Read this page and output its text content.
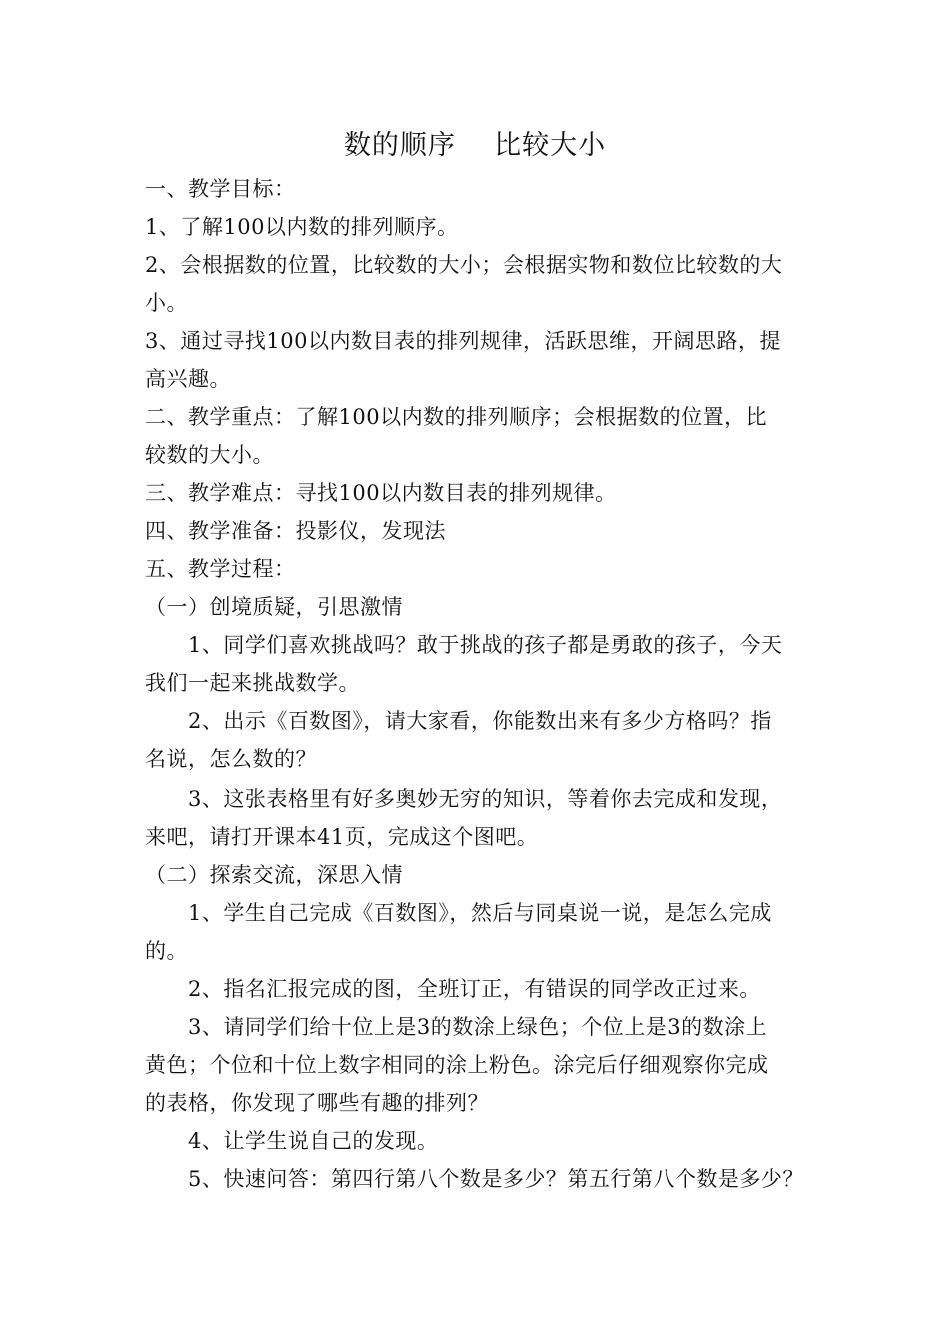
数的顺序    比较大小
一、教学目标：
1、了解100以内数的排列顺序。
2、会根据数的位置，比较数的大小；会根据实物和数位比较数的大
小。
3、通过寻找100以内数目表的排列规律，活跃思维，开阔思路，提
高兴趣。
二、教学重点：了解100以内数的排列顺序；会根据数的位置，比
较数的大小。
三、教学难点：寻找100以内数目表的排列规律。
四、教学准备：投影仪，发现法
五、教学过程：
（一）创境质疑，引思激情
1、同学们喜欢挑战吗？敢于挑战的孩子都是勇敢的孩子，今天
我们一起来挑战数学。
2、出示《百数图》，请大家看，你能数出来有多少方格吗？指
名说，怎么数的？
3、这张表格里有好多奥妙无穷的知识，等着你去完成和发现，
来吧，请打开课本41页，完成这个图吧。
（二）探索交流，深思入情
1、学生自己完成《百数图》，然后与同桌说一说，是怎么完成
的。
2、指名汇报完成的图，全班订正，有错误的同学改正过来。
3、请同学们给十位上是3的数涂上绿色；个位上是3的数涂上
黄色；个位和十位上数字相同的涂上粉色。涂完后仔细观察你完成
的表格，你发现了哪些有趣的排列？
4、让学生说自己的发现。
5、快速问答：第四行第八个数是多少？第五行第八个数是多少？
